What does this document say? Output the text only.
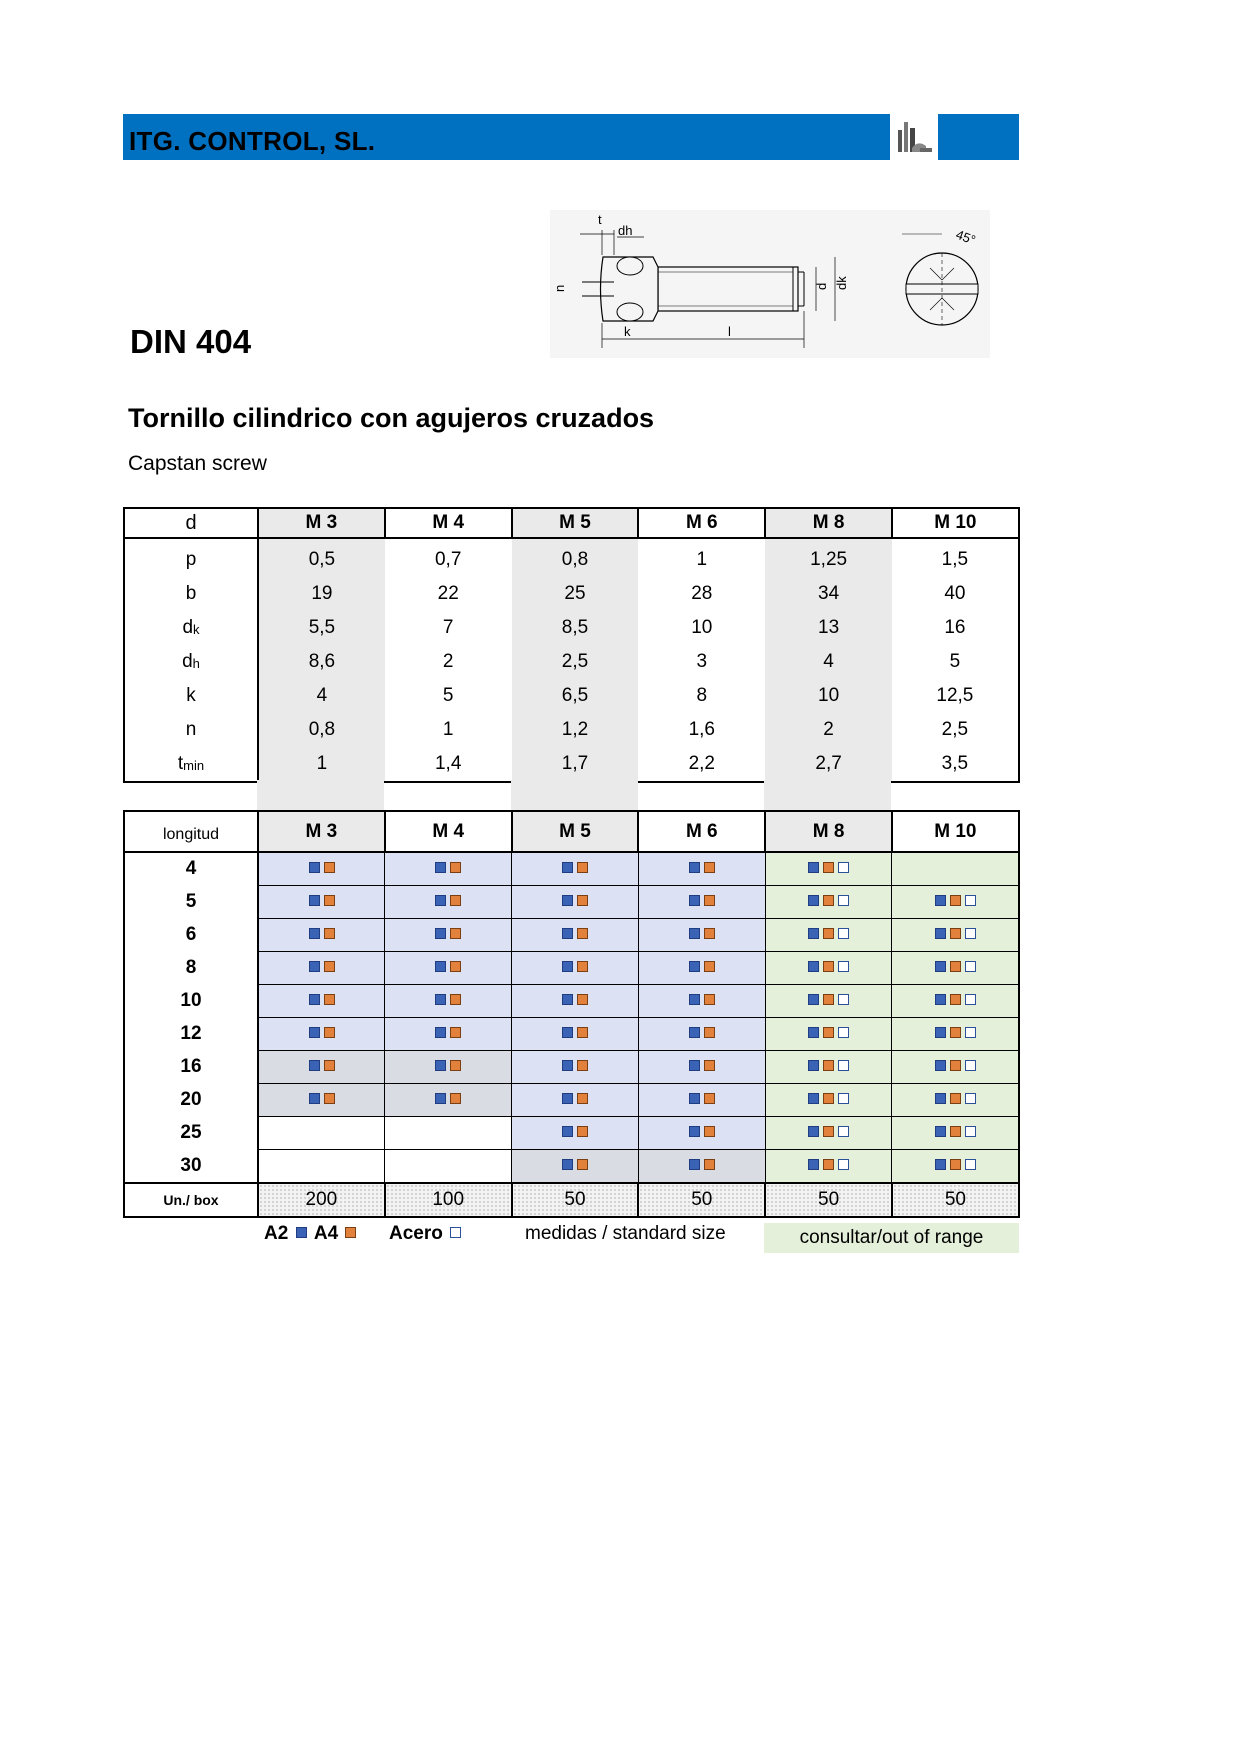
ITG. CONTROL, SL.
DIN 404
t
dh
k	l
n	d dk
45°
Tornillo cilindrico con agujeros cruzados
Capstan screw
d	M 3	M 4	M 5	M 6	M 8	M 10
p	0,5	0,7	0,8	1	1,25	1,5
b	19	22	25	28	34	40
$d_k$	5,5	7	8,5	10	13	16
$d_h$	8,6	2	2,5	3	4	5
k	4	5	6,5	8	10	12,5
n	0,8	1	1,2	1,6	2	2,5
$t_{min}$	1	1,4	1,7	2,2	2,7	3,5
longitud	M 3	M 4	M 5	M 6	M 8	M 10
4						
5						
6						
8						
10						
12						
16						
20						
25						
30						
Un./ box	200	100	50	50	50	50
A2 A4	Acero	medidas / standard size	consultar/out of range
